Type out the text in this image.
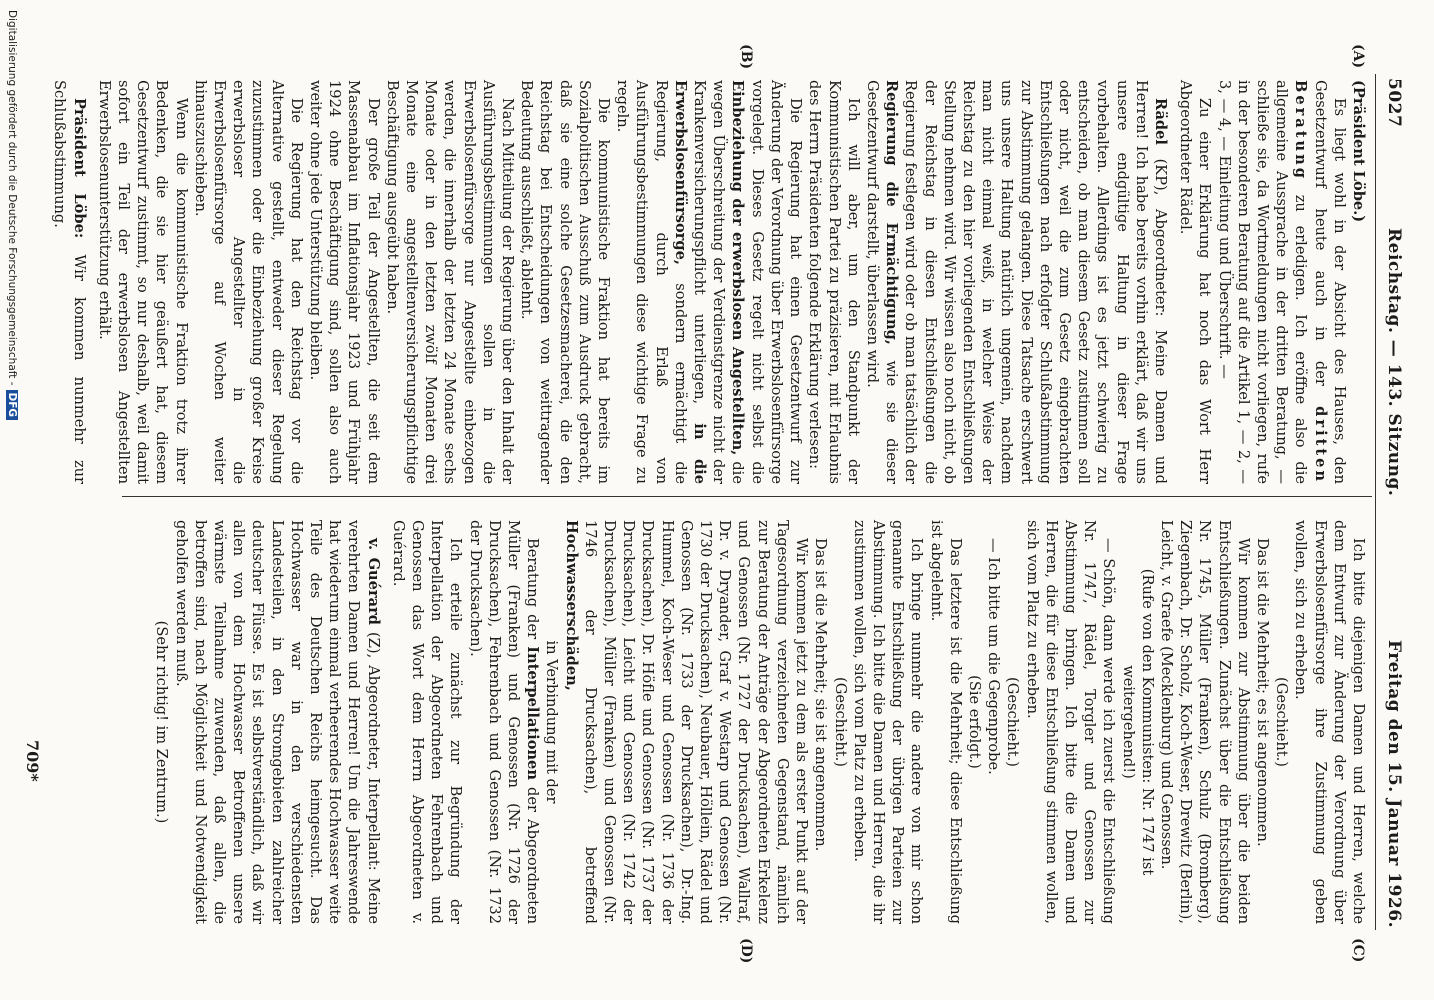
5027
Reichstag. — 143. Sitzung.
Freitag den 15. Januar 1926.
(A)
(B)
(C)
(D)

(Präsident Löbe.)

Es liegt wohl in der Absicht des Hauses, den Gesetzentwurf heute auch in der dritten Beratung zu erledigen. Ich eröffne also die allgemeine Aussprache in der dritten Beratung, — schließe sie, da Wortmeldungen nicht vorliegen, rufe in der besonderen Beratung auf die Artikel 1, — 2, — 3, — 4, — Einleitung und Überschrift. —

Zu einer Erklärung hat noch das Wort Herr Abgeordneter Rädel.

Rädel (KP), Abgeordneter: Meine Damen und Herren! Ich habe bereits vorhin erklärt, daß wir uns unsere endgültige Haltung in dieser Frage vorbehalten. Allerdings ist es jetzt schwierig zu entscheiden, ob man diesem Gesetz zustimmen soll oder nicht, weil die zum Gesetz eingebrachten Entschließungen nach erfolgter Schlußabstimmung zur Abstimmung gelangen. Diese Tatsache erschwert uns unsere Haltung natürlich ungemein, nachdem man nicht einmal weiß, in welcher Weise der Reichstag zu den hier vorliegenden Entschließungen Stellung nehmen wird. Wir wissen also noch nicht, ob der Reichstag in diesen Entschließungen die Regierung festlegen wird oder ob man tatsächlich der Regierung die Ermächtigung, wie sie dieser Gesetzentwurf darstellt, überlassen wird.

Ich will aber, um den Standpunkt der Kommunistischen Partei zu präzisieren, mit Erlaubnis des Herrn Präsidenten folgende Erklärung verlesen:

Die Regierung hat einen Gesetzentwurf zur Änderung der Verordnung über Erwerbslosenfürsorge vorgelegt. Dieses Gesetz regelt nicht selbst die Einbeziehung der erwerbslosen Angestellten, die wegen Überschreitung der Verdienstgrenze nicht der Krankenversicherungspflicht unterliegen, in die Erwerbslosenfürsorge, sondern ermächtigt die Regierung, durch Erlaß von Ausführungsbestimmungen diese wichtige Frage zu regeln.

Die kommunistische Fraktion hat bereits im Sozialpolitischen Ausschuß zum Ausdruck gebracht, daß sie eine solche Gesetzesmacherei, die den Reichstag bei Entscheidungen von weittragender Bedeutung ausschließt, ablehnt.

Nach Mitteilung der Regierung über den Inhalt der Ausführungsbestimmungen sollen in die Erwerbslosenfürsorge nur Angestellte einbezogen werden, die innerhalb der letzten 24 Monate sechs Monate oder in den letzten zwölf Monaten drei Monate eine angestelltenversicherungspflichtige Beschäftigung ausgeübt haben.

Der große Teil der Angestellten, die seit dem Massenabbau im Inflationsjahr 1923 und Frühjahr 1924 ohne Beschäftigung sind, sollen also auch weiter ohne jede Unterstützung bleiben.

Die Regierung hat den Reichstag vor die Alternative gestellt, entweder dieser Regelung zuzustimmen oder die Einbeziehung großer Kreise erwerbsloser Angestellter in die Erwerbslosenfürsorge auf Wochen weiter hinauszuschieben.

Wenn die kommunistische Fraktion trotz ihrer Bedenken, die sie hier geäußert hat, diesem Gesetzentwurf zustimmt, so nur deshalb, weil damit sofort ein Teil der erwerbslosen Angestellten Erwerbslosenunterstützung erhält.

Präsident Löbe: Wir kommen nunmehr zur Schlußabstimmung.

Ich bitte diejenigen Damen und Herren, welche dem Entwurf zur Änderung der Verordnung über Erwerbslosenfürsorge ihre Zustimmung geben wollen, sich zu erheben.

(Geschieht.)

Das ist die Mehrheit; es ist angenommen.

Wir kommen zur Abstimmung über die beiden Entschließungen. Zunächst über die Entschließung Nr. 1745, Müller (Franken), Schulz (Bromberg), Ziegenbach, Dr. Scholz, Koch-Weser, Drewitz (Berlin), Leicht, v. Graefe (Mecklenburg) und Genossen.

(Rufe von den Kommunisten: Nr. 1747 ist weitergehend!)

— Schön, dann werde ich zuerst die Entschließung Nr. 1747, Rädel, Torgler und Genossen zur Abstimmung bringen. Ich bitte die Damen und Herren, die für diese Entschließung stimmen wollen, sich vom Platz zu erheben.

(Geschieht.)

— Ich bitte um die Gegenprobe.

(Sie erfolgt.)

Das letztere ist die Mehrheit; diese Entschließung ist abgelehnt.

Ich bringe nunmehr die andere von mir schon genannte Entschließung der übrigen Parteien zur Abstimmung. Ich bitte die Damen und Herren, die ihr zustimmen wollen, sich vom Platz zu erheben.

(Geschieht.)

Das ist die Mehrheit; sie ist angenommen.

Wir kommen jetzt zu dem als erster Punkt auf der Tagesordnung verzeichneten Gegenstand, nämlich zur Beratung der Anträge der Abgeordneten Erkelenz und Genossen (Nr. 1727 der Drucksachen), Wallraf, Dr. v. Dryander, Graf v. Westarp und Genossen (Nr. 1730 der Drucksachen), Neubauer, Höllein, Rädel und Genossen (Nr. 1733 der Drucksachen), Dr.-Ing. Hummel, Koch-Weser und Genossen (Nr. 1736 der Drucksachen), Dr. Höfle und Genossen (Nr. 1737 der Drucksachen), Leicht und Genossen (Nr. 1742 der Drucksachen), Müller (Franken) und Genossen (Nr. 1746 der Drucksachen), betreffend Hochwasserschäden,

in Verbindung mit der

Beratung der Interpellationen der Abgeordneten Müller (Franken) und Genossen (Nr. 1726 der Drucksachen), Fehrenbach und Genossen (Nr. 1732 der Drucksachen).

Ich erteile zunächst zur Begründung der Interpellation der Abgeordneten Fehrenbach und Genossen das Wort dem Herrn Abgeordneten v. Guérard.

v. Guérard (Z), Abgeordneter, Interpellant: Meine verehrten Damen und Herren! Um die Jahreswende hat wiederum einmal verheerendes Hochwasser weite Teile des Deutschen Reichs heimgesucht. Das Hochwasser war in den verschiedensten Landesteilen, in den Stromgebieten zahlreicher deutscher Flüsse. Es ist selbstverständlich, daß wir allen von dem Hochwasser Betroffenen unsere wärmste Teilnahme zuwenden, daß allen, die betroffen sind, nach Möglichkeit und Notwendigkeit geholfen werden muß.

(Sehr richtig! im Zentrum.)

709*
Digitalisierung gefördert durch die Deutsche Forschungsgemeinschaft -DFG
